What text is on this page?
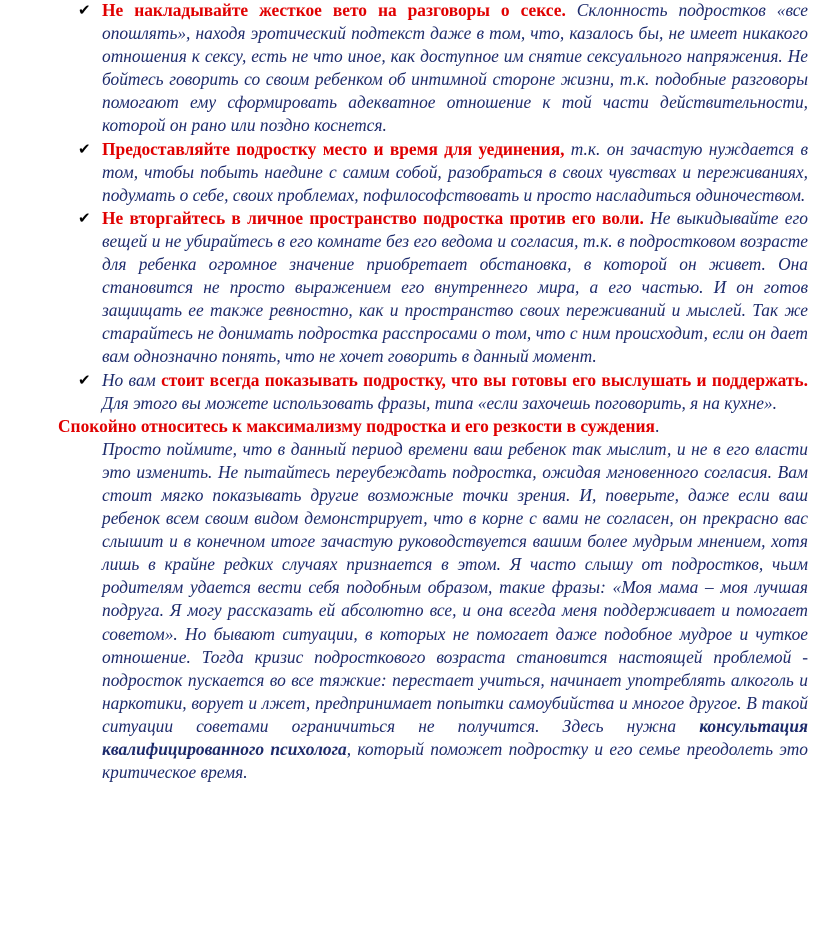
✔ Не накладывайте жесткое вето на разговоры о сексе. Склонность подростков «все опошлять», находя эротический подтекст даже в том, что, казалось бы, не имеет никакого отношения к сексу, есть не что иное, как доступное им снятие сексуального напряжения. Не бойтесь говорить со своим ребенком об интимной стороне жизни, т.к. подобные разговоры помогают ему сформировать адекватное отношение к той части действительности, которой он рано или поздно коснется.
✔ Предоставляйте подростку место и время для уединения, т.к. он зачастую нуждается в том, чтобы побыть наедине с самим собой, разобраться в своих чувствах и переживаниях, подумать о себе, своих проблемах, пофилософствовать и просто насладиться одиночеством.
✔ Не вторгайтесь в личное пространство подростка против его воли. Не выкидывайте его вещей и не убирайтесь в его комнате без его ведома и согласия, т.к. в подростковом возрасте для ребенка огромное значение приобретает обстановка, в которой он живет. Она становится не просто выражением его внутреннего мира, а его частью. И он готов защищать ее также ревностно, как и пространство своих переживаний и мыслей. Так же старайтесь не донимать подростка расспросами о том, что с ним происходит, если он дает вам однозначно понять, что не хочет говорить в данный момент.
✔ Но вам стоит всегда показывать подростку, что вы готовы его выслушать и поддержать. Для этого вы можете использовать фразы, типа «если захочешь поговорить, я на кухне».
Спокойно относитесь к максимализму подростка и его резкости в суждения.
Просто поймите, что в данный период времени ваш ребенок так мыслит, и не в его власти это изменить. Не пытайтесь переубеждать подростка, ожидая мгновенного согласия. Вам стоит мягко показывать другие возможные точки зрения. И, поверьте, даже если ваш ребенок всем своим видом демонстрирует, что в корне с вами не согласен, он прекрасно вас слышит и в конечном итоге зачастую руководствуется вашим более мудрым мнением, хотя лишь в крайне редких случаях признается в этом. Я часто слышу от подростков, чьим родителям удается вести себя подобным образом, такие фразы: «Моя мама – моя лучшая подруга. Я могу рассказать ей абсолютно все, и она всегда меня поддерживает и помогает советом». Но бывают ситуации, в которых не помогает даже подобное мудрое и чуткое отношение. Тогда кризис подросткового возраста становится настоящей проблемой - подросток пускается во все тяжкие: перестает учиться, начинает употреблять алкоголь и наркотики, ворует и лжет, предпринимает попытки самоубийства и многое другое. В такой ситуации советами ограничиться не получится. Здесь нужна консультация квалифицированного психолога, который поможет подростку и его семье преодолеть это критическое время.
